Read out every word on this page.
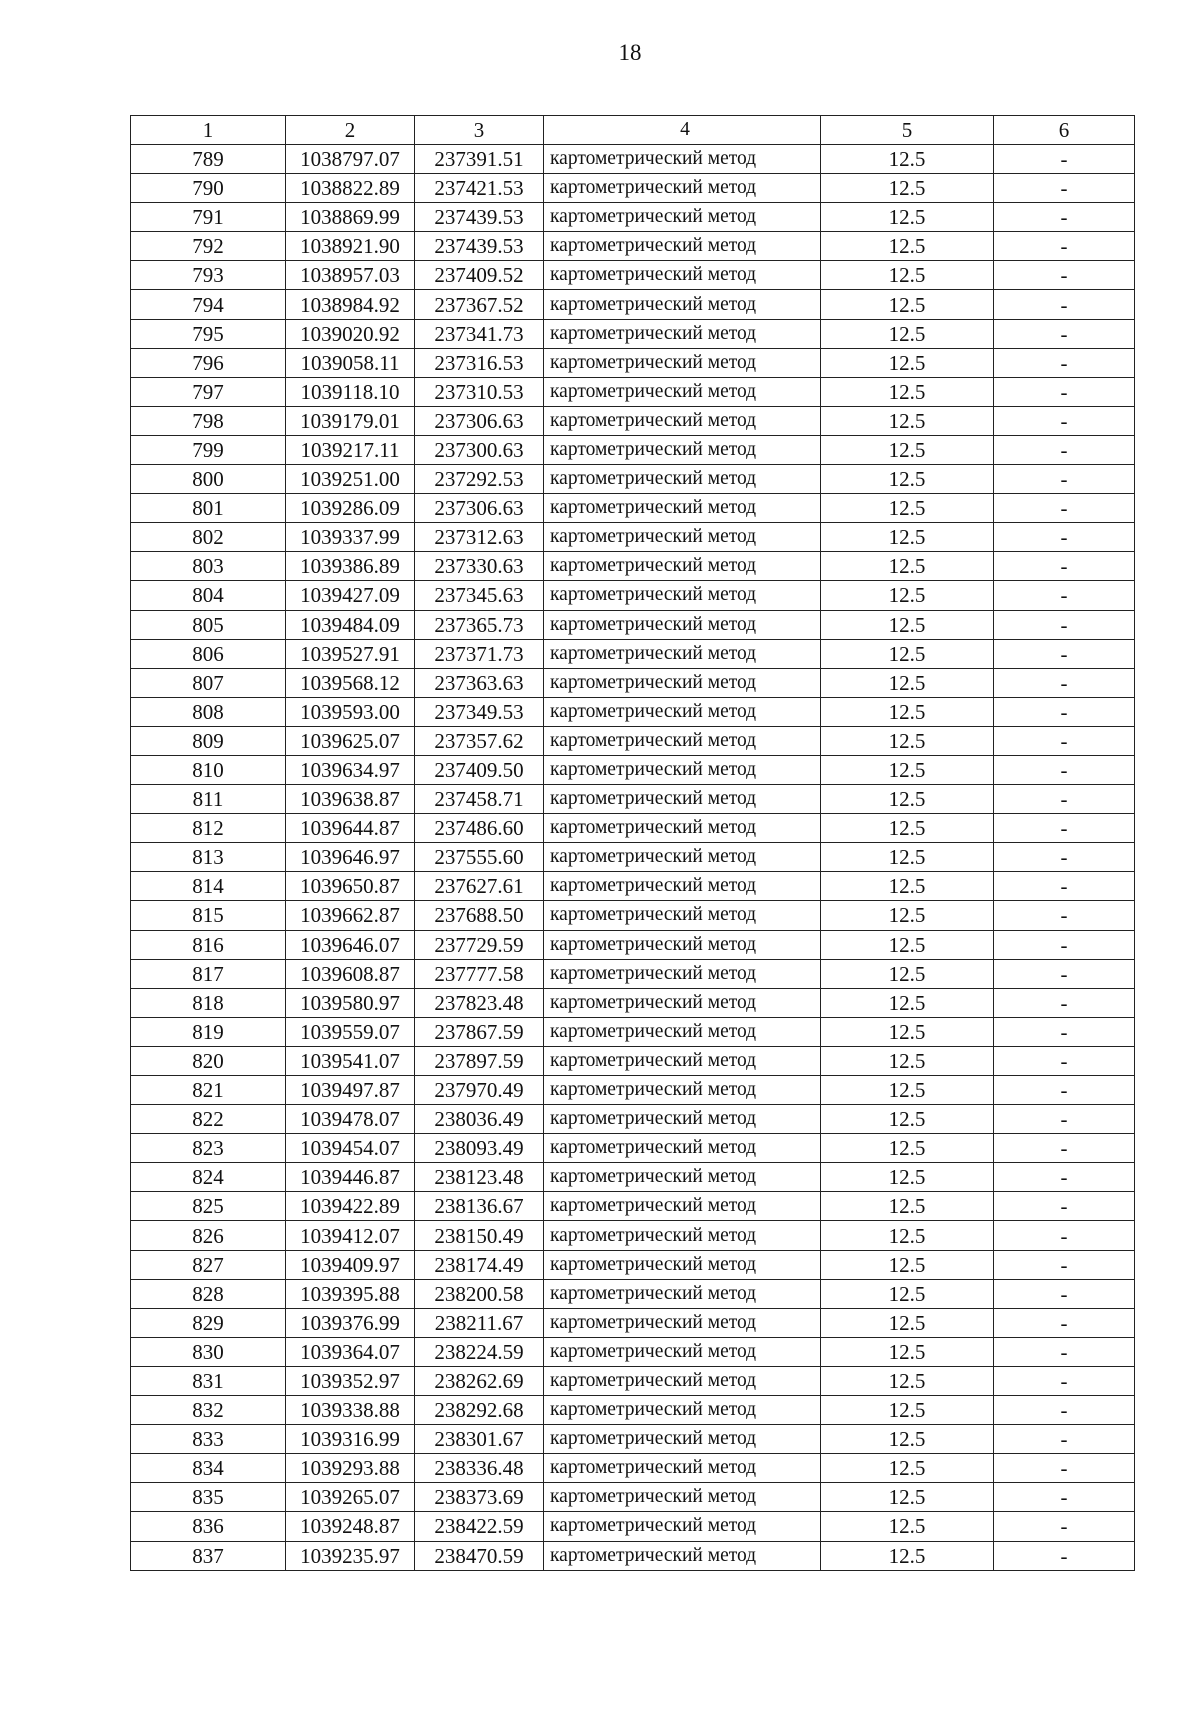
18
1	2	3	4	5	6
789	1038797.07	237391.51	картометрический метод	12.5	-
790	1038822.89	237421.53	картометрический метод	12.5	-
791	1038869.99	237439.53	картометрический метод	12.5	-
792	1038921.90	237439.53	картометрический метод	12.5	-
793	1038957.03	237409.52	картометрический метод	12.5	-
794	1038984.92	237367.52	картометрический метод	12.5	-
795	1039020.92	237341.73	картометрический метод	12.5	-
796	1039058.11	237316.53	картометрический метод	12.5	-
797	1039118.10	237310.53	картометрический метод	12.5	-
798	1039179.01	237306.63	картометрический метод	12.5	-
799	1039217.11	237300.63	картометрический метод	12.5	-
800	1039251.00	237292.53	картометрический метод	12.5	-
801	1039286.09	237306.63	картометрический метод	12.5	-
802	1039337.99	237312.63	картометрический метод	12.5	-
803	1039386.89	237330.63	картометрический метод	12.5	-
804	1039427.09	237345.63	картометрический метод	12.5	-
805	1039484.09	237365.73	картометрический метод	12.5	-
806	1039527.91	237371.73	картометрический метод	12.5	-
807	1039568.12	237363.63	картометрический метод	12.5	-
808	1039593.00	237349.53	картометрический метод	12.5	-
809	1039625.07	237357.62	картометрический метод	12.5	-
810	1039634.97	237409.50	картометрический метод	12.5	-
811	1039638.87	237458.71	картометрический метод	12.5	-
812	1039644.87	237486.60	картометрический метод	12.5	-
813	1039646.97	237555.60	картометрический метод	12.5	-
814	1039650.87	237627.61	картометрический метод	12.5	-
815	1039662.87	237688.50	картометрический метод	12.5	-
816	1039646.07	237729.59	картометрический метод	12.5	-
817	1039608.87	237777.58	картометрический метод	12.5	-
818	1039580.97	237823.48	картометрический метод	12.5	-
819	1039559.07	237867.59	картометрический метод	12.5	-
820	1039541.07	237897.59	картометрический метод	12.5	-
821	1039497.87	237970.49	картометрический метод	12.5	-
822	1039478.07	238036.49	картометрический метод	12.5	-
823	1039454.07	238093.49	картометрический метод	12.5	-
824	1039446.87	238123.48	картометрический метод	12.5	-
825	1039422.89	238136.67	картометрический метод	12.5	-
826	1039412.07	238150.49	картометрический метод	12.5	-
827	1039409.97	238174.49	картометрический метод	12.5	-
828	1039395.88	238200.58	картометрический метод	12.5	-
829	1039376.99	238211.67	картометрический метод	12.5	-
830	1039364.07	238224.59	картометрический метод	12.5	-
831	1039352.97	238262.69	картометрический метод	12.5	-
832	1039338.88	238292.68	картометрический метод	12.5	-
833	1039316.99	238301.67	картометрический метод	12.5	-
834	1039293.88	238336.48	картометрический метод	12.5	-
835	1039265.07	238373.69	картометрический метод	12.5	-
836	1039248.87	238422.59	картометрический метод	12.5	-
837	1039235.97	238470.59	картометрический метод	12.5	-
